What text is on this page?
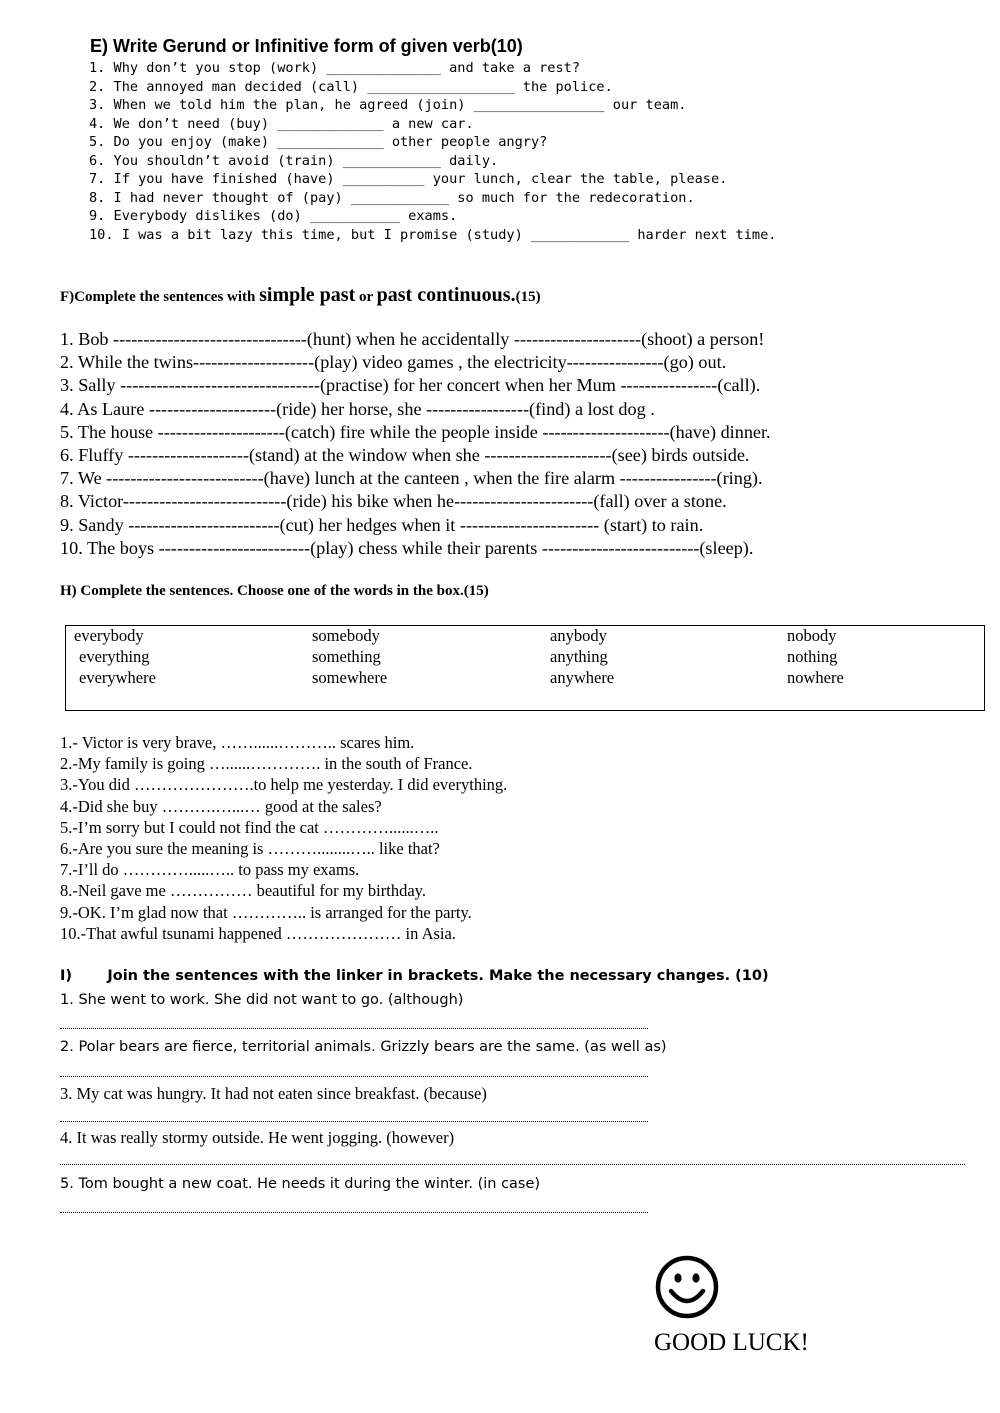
E) Write Gerund or Infinitive form of given verb(10)
1. Why don’t you stop (work) ______________ and take a rest?
2. The annoyed man decided (call) __________________ the police.
3. When we told him the plan, he agreed (join) ________________ our team.
4. We don’t need (buy) _____________ a new car.
5. Do you enjoy (make) _____________ other people angry?
6. You shouldn’t avoid (train) ____________ daily.
7. If you have finished (have) __________ your lunch, clear the table, please.
8. I had never thought of (pay) ____________ so much for the redecoration.
9. Everybody dislikes (do) ___________ exams.
10. I was a bit lazy this time, but I promise (study) ____________ harder next time.
F)Complete the sentences with simple past or past continuous.(15)
1. Bob --------------------------------(hunt) when he accidentally ---------------------(shoot) a person!
2. While the twins--------------------(play) video games , the electricity----------------(go) out.
3. Sally ---------------------------------(practise) for her concert when her Mum ----------------(call).
4. As Laure ---------------------(ride) her horse, she -----------------(find) a lost dog .
5. The house ---------------------(catch) fire while the people inside ---------------------(have) dinner.
6. Fluffy --------------------(stand) at the window when she ---------------------(see) birds outside.
7. We --------------------------(have) lunch at the canteen , when the fire alarm ----------------(ring).
8. Victor---------------------------(ride) his bike when he-----------------------(fall) over a stone.
9. Sandy -------------------------(cut) her hedges when it ----------------------- (start) to rain.
10. The boys -------------------------(play) chess while their parents --------------------------(sleep).
H) Complete the sentences. Choose one of the words in the box.(15)
everybody	somebody	anybody	nobody
everything	something	anything	nothing
everywhere	somewhere	anywhere	nowhere
1.- Victor is very brave, ……......……….. scares him.
2.-My family is going …......…………. in the south of France.
3.-You did ………………….to help me yesterday. I did everything.
4.-Did she buy ……….…...… good at the sales?
5.-I’m sorry but I could not find the cat …………......…..
6.-Are you sure the meaning is ………........….. like that?
7.-I’ll do ………….....….. to pass my exams.
8.-Neil gave me …………… beautiful for my birthday.
9.-OK. I’m glad now that ………….. is arranged for the party.
10.-That awful tsunami happened ………………… in Asia.
I)       Join the sentences with the linker in brackets. Make the necessary changes. (10)
1. She went to work. She did not want to go. (although)
2. Polar bears are fierce, territorial animals. Grizzly bears are the same. (as well as)
3. My cat was hungry. It had not eaten since breakfast. (because)
4. It was really stormy outside. He went jogging. (however)
5. Tom bought a new coat. He needs it during the winter. (in case)
GOOD LUCK!
